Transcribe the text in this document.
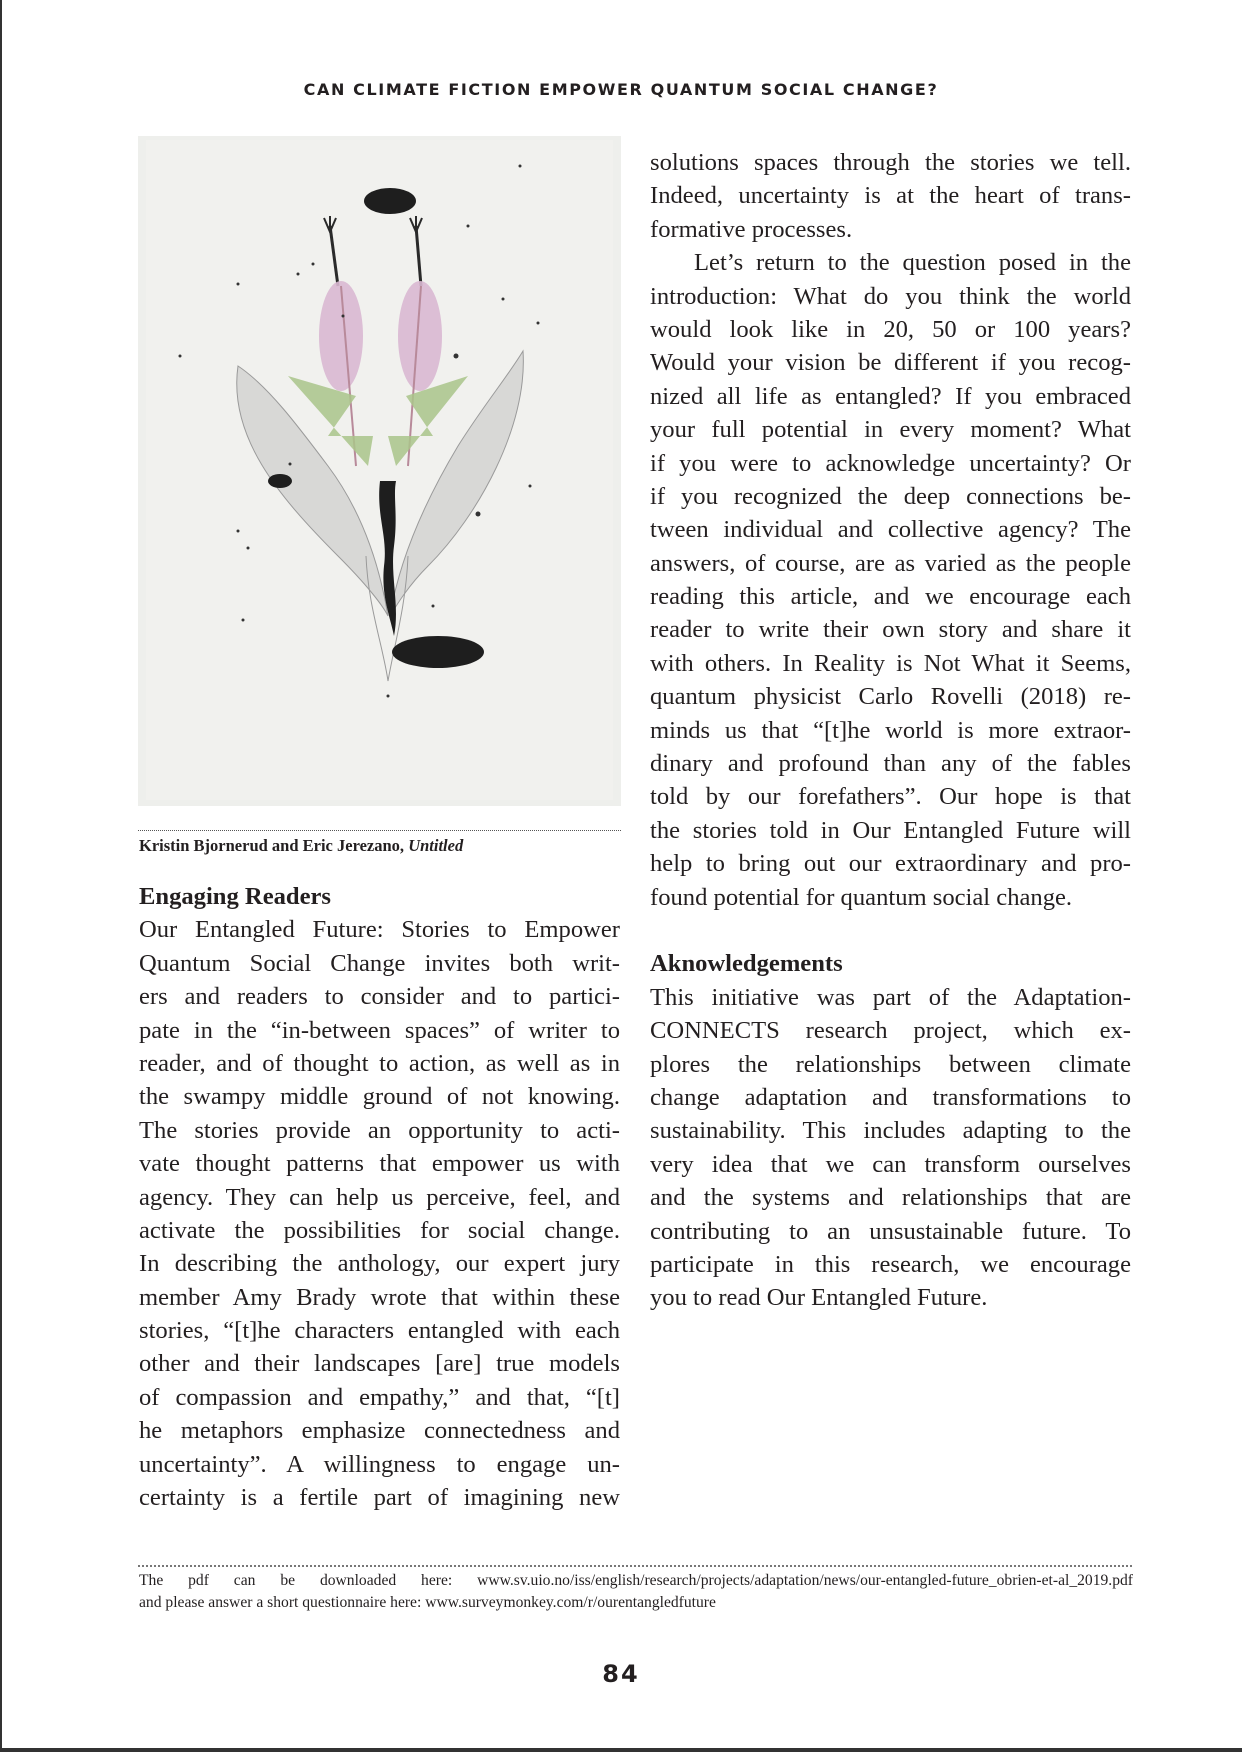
CAN CLIMATE FICTION EMPOWER QUANTUM SOCIAL CHANGE?
Kristin Bjornerud and Eric Jerezano, Untitled
Engaging Readers
Our Entangled Future: Stories to Empower
Quantum Social Change invites both writ-
ers and readers to consider and to partici-
pate in the “in-between spaces” of writer to
reader, and of thought to action, as well as in
the swampy middle ground of not knowing.
The stories provide an opportunity to acti-
vate thought patterns that empower us with
agency. They can help us perceive, feel, and
activate the possibilities for social change.
In describing the anthology, our expert jury
member Amy Brady wrote that within these
stories, “[t]he characters entangled with each
other and their landscapes [are] true models
of compassion and empathy,” and that, “[t]
he metaphors emphasize connectedness and
uncertainty”. A willingness to engage un-
certainty is a fertile part of imagining new
solutions spaces through the stories we tell.
Indeed, uncertainty is at the heart of trans-
formative processes.
Let’s return to the question posed in the
introduction: What do you think the world
would look like in 20, 50 or 100 years?
Would your vision be different if you recog-
nized all life as entangled? If you embraced
your full potential in every moment? What
if you were to acknowledge uncertainty? Or
if you recognized the deep connections be-
tween individual and collective agency? The
answers, of course, are as varied as the people
reading this article, and we encourage each
reader to write their own story and share it
with others. In Reality is Not What it Seems,
quantum physicist Carlo Rovelli (2018) re-
minds us that “[t]he world is more extraor-
dinary and profound than any of the fables
told by our forefathers”. Our hope is that
the stories told in Our Entangled Future will
help to bring out our extraordinary and pro-
found potential for quantum social change.
Aknowledgements
This initiative was part of the Adaptation-
CONNECTS research project, which ex-
plores the relationships between climate
change adaptation and transformations to
sustainability. This includes adapting to the
very idea that we can transform ourselves
and the systems and relationships that are
contributing to an unsustainable future. To
participate in this research, we encourage
you to read Our Entangled Future.
The pdf can be downloaded here: www.sv.uio.no/iss/english/research/projects/adaptation/news/our-entangled-future_obrien-et-al_2019.pdf
and please answer a short questionnaire here: www.surveymonkey.com/r/ourentangledfuture
84
